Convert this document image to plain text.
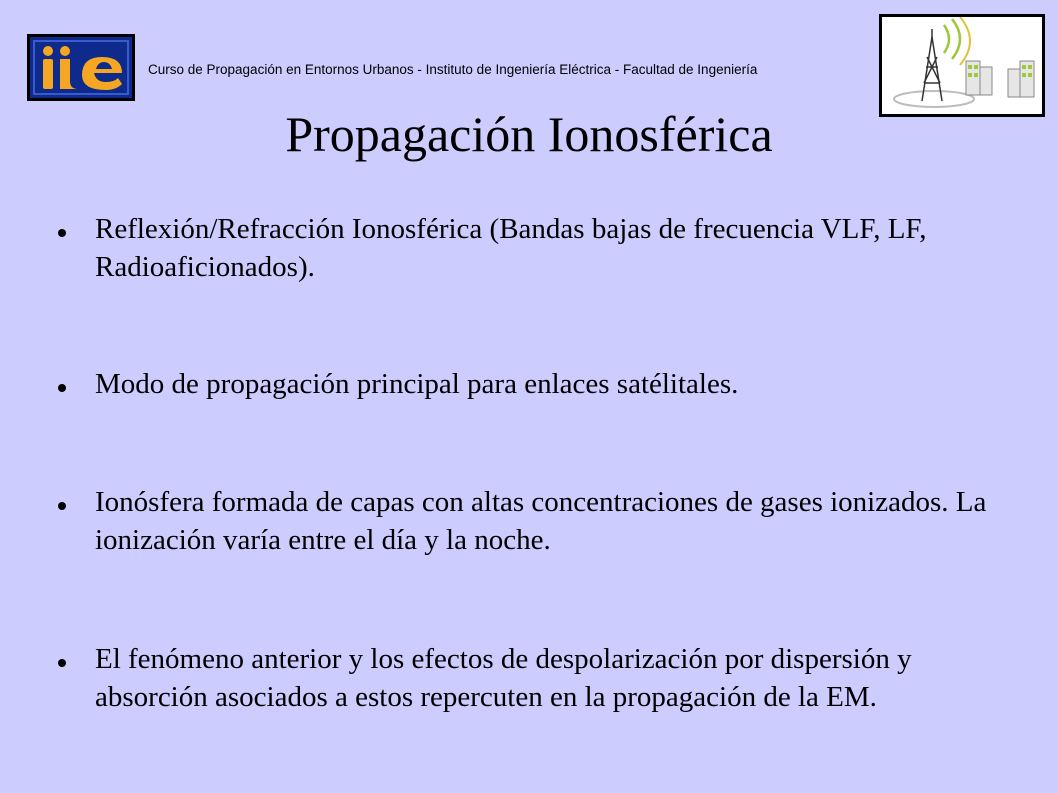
Curso de Propagación en Entornos Urbanos - Instituto de Ingeniería Eléctrica - Facultad de Ingeniería
Propagación Ionosférica
Reflexión/Refracción Ionosférica (Bandas bajas de frecuencia VLF, LF, Radioaficionados).
Modo de propagación principal para enlaces satélitales.
Ionósfera formada de capas con altas concentraciones de gases ionizados. La ionización varía entre el día y la noche.
El fenómeno anterior y los efectos de despolarización por dispersión y absorción asociados a estos repercuten en la propagación de la EM.
